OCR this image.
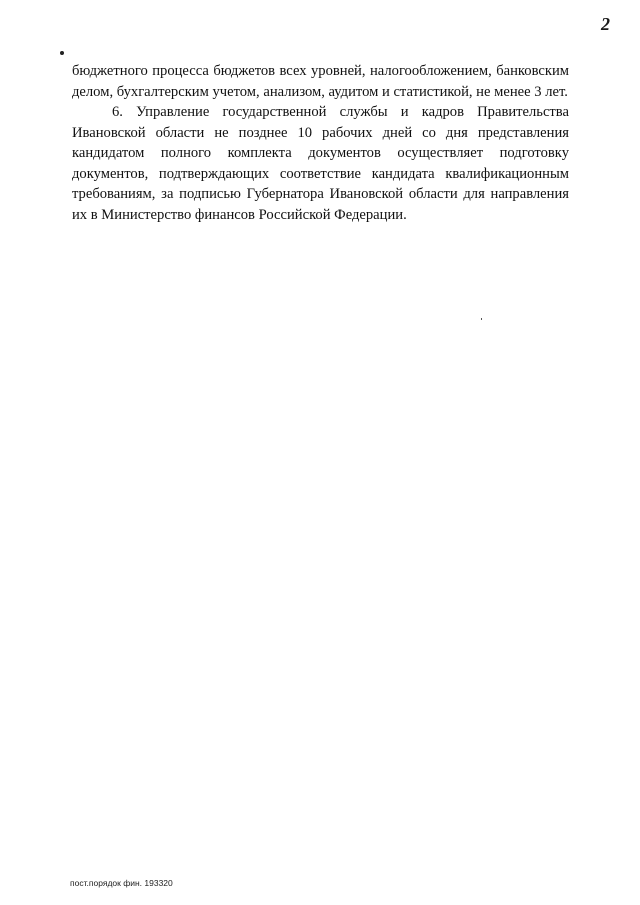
2

бюджетного процесса бюджетов всех уровней, налогообложением, банковским делом, бухгалтерским учетом, анализом, аудитом и статистикой, не менее 3 лет.

6. Управление государственной службы и кадров Правительства Ивановской области не позднее 10 рабочих дней со дня представления кандидатом полного комплекта документов осуществляет подготовку документов, подтверждающих соответствие кандидата квалификационным требованиям, за подписью Губернатора Ивановской области для направления их в Министерство финансов Российской Федерации.

пост.порядок фин. 193320
